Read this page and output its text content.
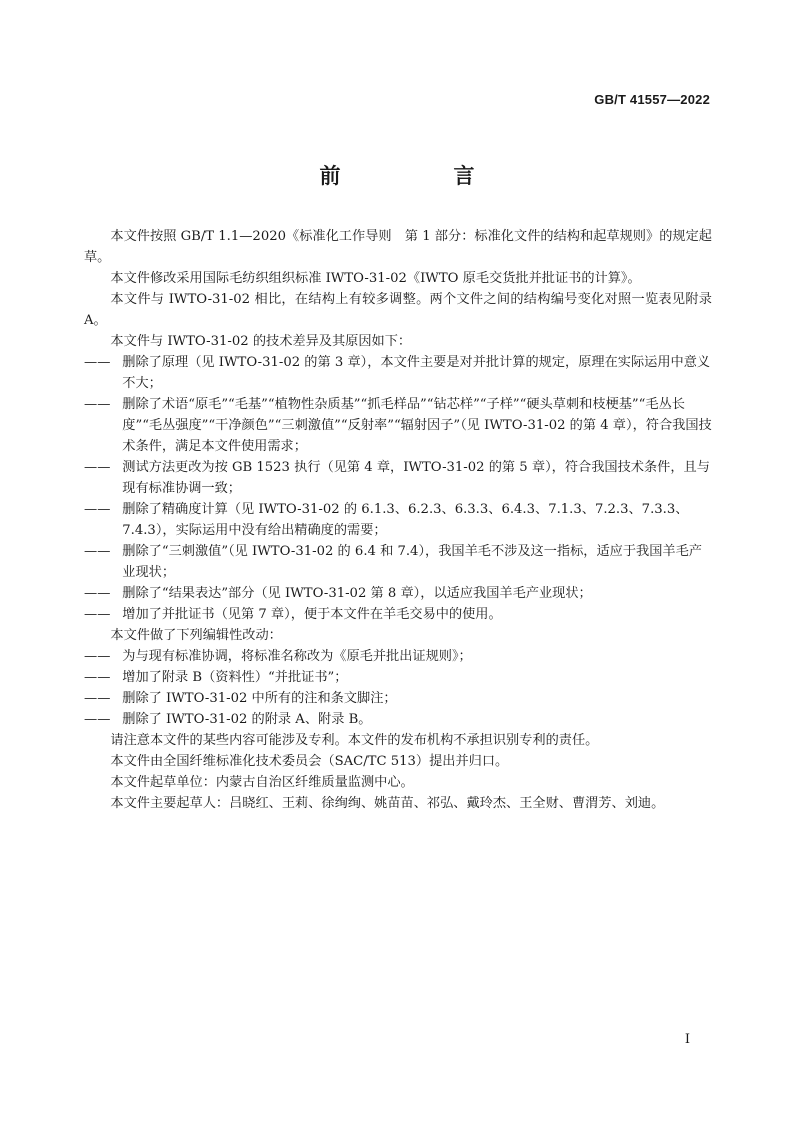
GB/T 41557—2022
前　言

本文件按照 GB/T 1.1—2020《标准化工作导则　第 1 部分：标准化文件的结构和起草规则》的规定起草。

本文件修改采用国际毛纺织组织标准 IWTO-31-02《IWTO 原毛交货批并批证书的计算》。

本文件与 IWTO-31-02 相比，在结构上有较多调整。两个文件之间的结构编号变化对照一览表见附录 A。

本文件与 IWTO-31-02 的技术差异及其原因如下：

—— 删除了原理（见 IWTO-31-02 的第 3 章），本文件主要是对并批计算的规定，原理在实际运用中意义不大；

—— 删除了术语“原毛”“毛基”“植物性杂质基”“抓毛样品”“钻芯样”“子样”“硬头草刺和枝梗基”“毛丛长度”“毛丛强度”“干净颜色”“三刺激值”“反射率”“辐射因子”（见 IWTO-31-02 的第 4 章），符合我国技术条件，满足本文件使用需求；

—— 测试方法更改为按 GB 1523 执行（见第 4 章，IWTO-31-02 的第 5 章），符合我国技术条件，且与现有标准协调一致；

—— 删除了精确度计算（见 IWTO-31-02 的 6.1.3、6.2.3、6.3.3、6.4.3、7.1.3、7.2.3、7.3.3、7.4.3），实际运用中没有给出精确度的需要；

—— 删除了“三刺激值”（见 IWTO-31-02 的 6.4 和 7.4），我国羊毛不涉及这一指标，适应于我国羊毛产业现状；

—— 删除了“结果表达”部分（见 IWTO-31-02 第 8 章），以适应我国羊毛产业现状；

—— 增加了并批证书（见第 7 章），便于本文件在羊毛交易中的使用。

本文件做了下列编辑性改动：

—— 为与现有标准协调，将标准名称改为《原毛并批出证规则》；

—— 增加了附录 B（资料性）“并批证书”；

—— 删除了 IWTO-31-02 中所有的注和条文脚注；

—— 删除了 IWTO-31-02 的附录 A、附录 B。

请注意本文件的某些内容可能涉及专利。本文件的发布机构不承担识别专利的责任。

本文件由全国纤维标准化技术委员会（SAC/TC 513）提出并归口。

本文件起草单位：内蒙古自治区纤维质量监测中心。

本文件主要起草人：吕晓红、王莉、徐绚绚、姚苗苗、祁弘、戴玲杰、王全财、曹渭芳、刘迪。

I
